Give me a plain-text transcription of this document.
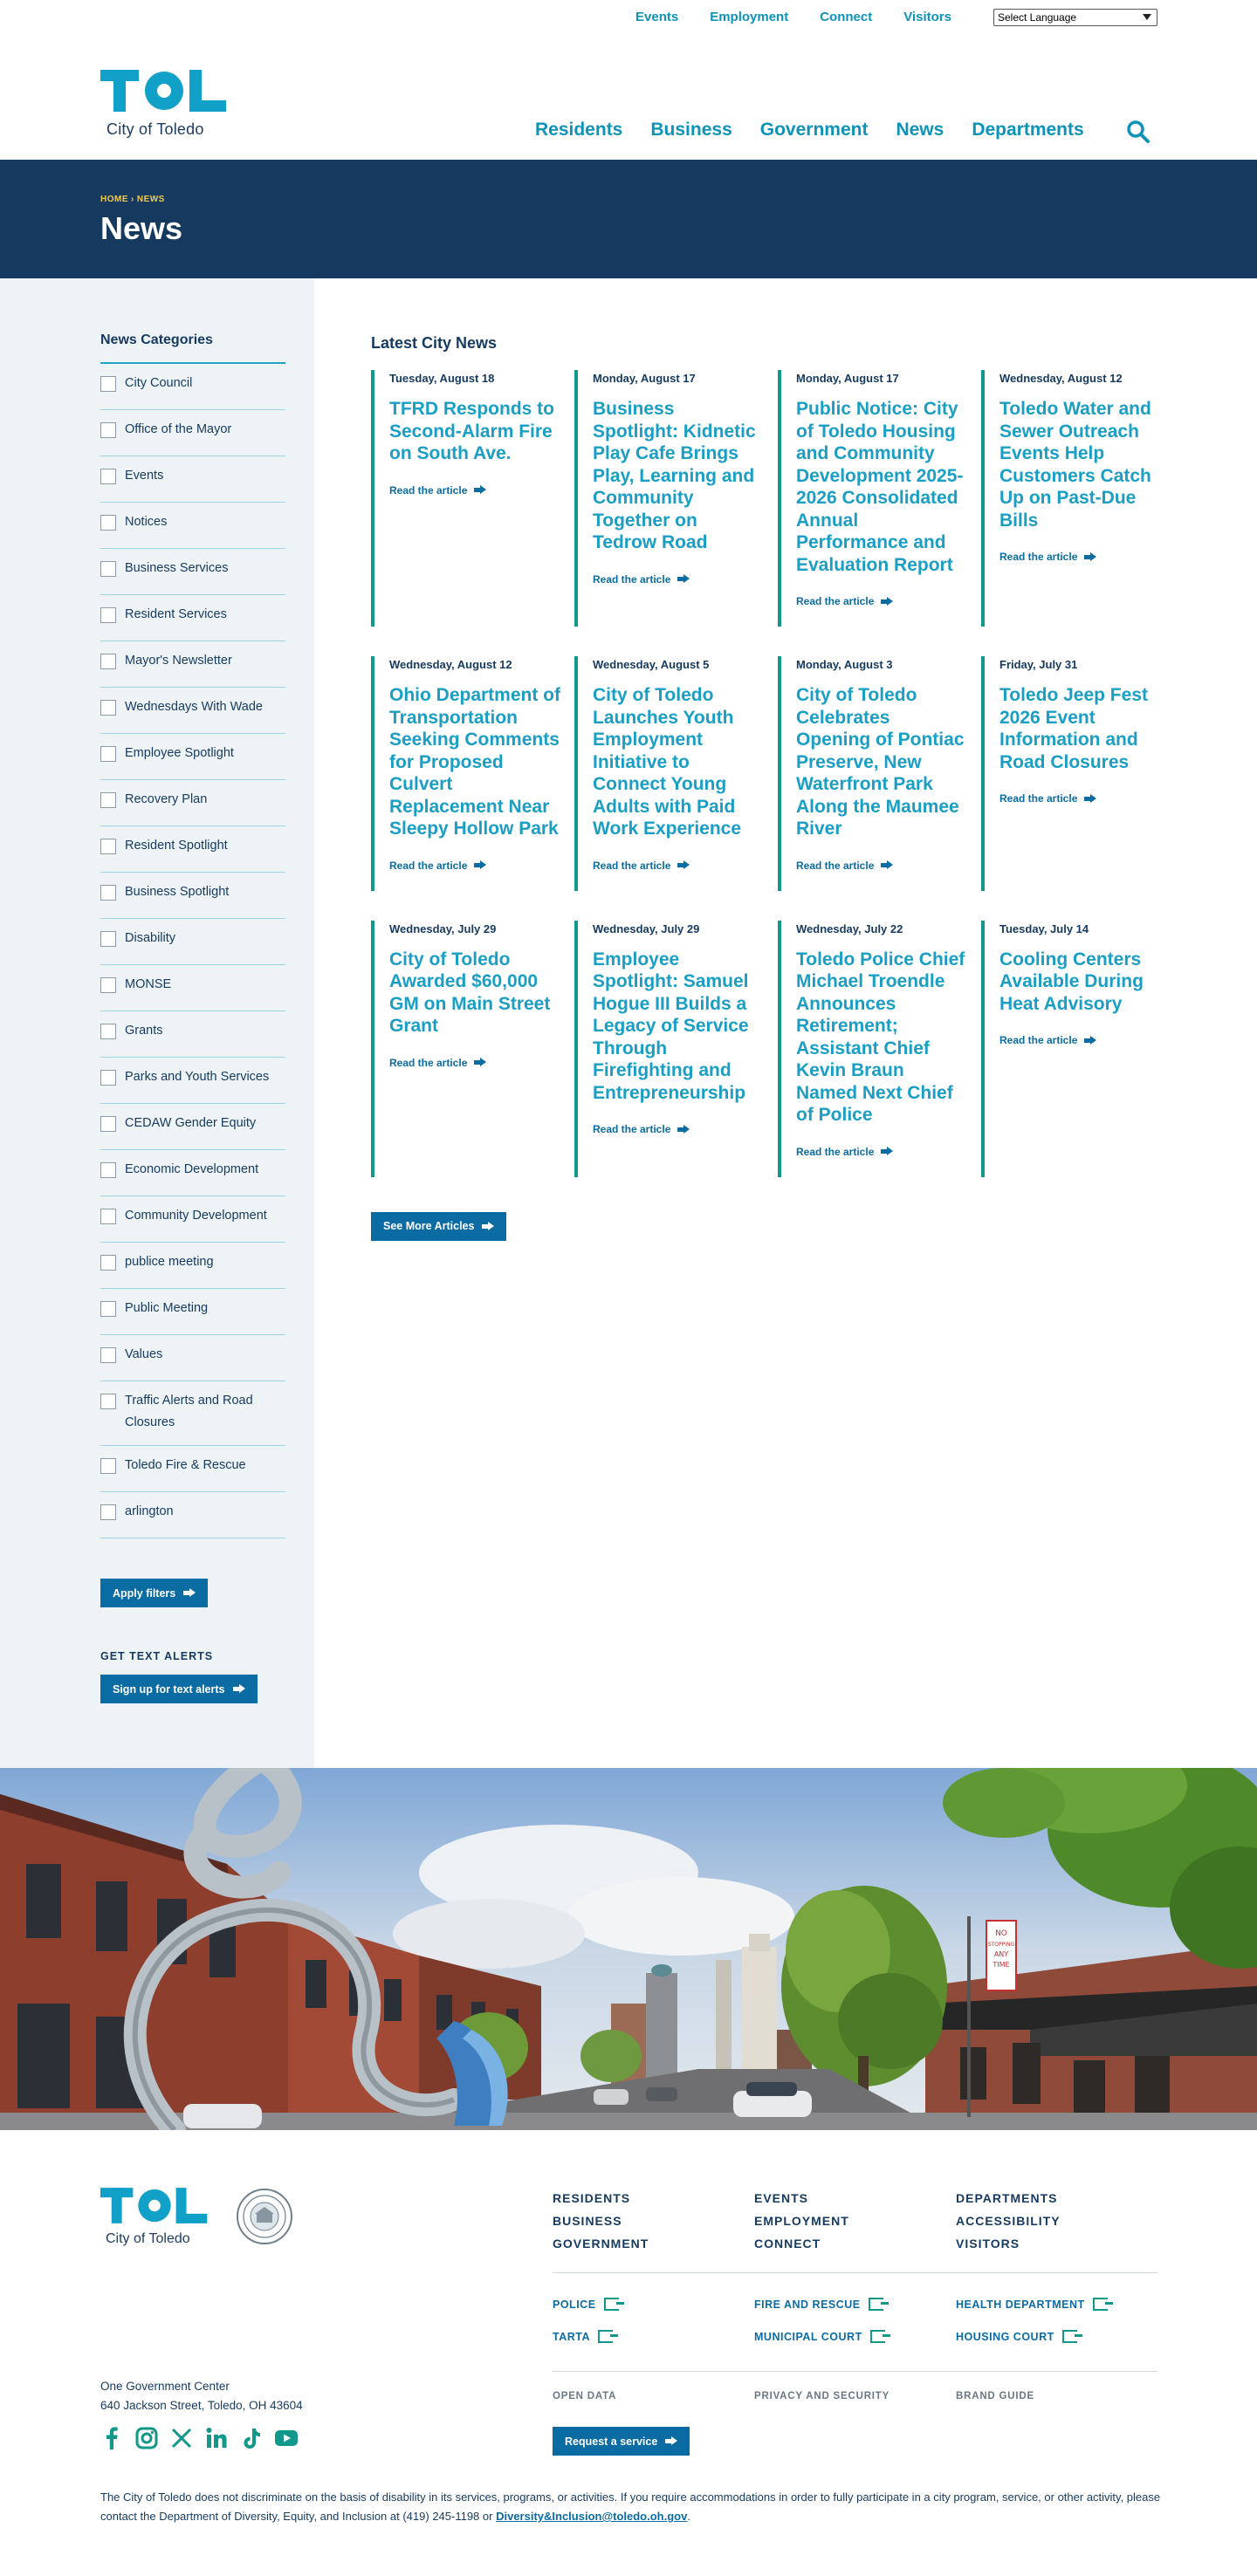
Events Employment Connect Visitors	Select Language
City of Toledo	Residents Business Government News Departments
HOME › NEWS
News
News Categories
City Council
Office of the Mayor
Events
Notices
Business Services
Resident Services
Mayor's Newsletter
Wednesdays With Wade
Employee Spotlight
Recovery Plan
Resident Spotlight
Business Spotlight
Disability
MONSE
Grants
Parks and Youth Services
CEDAW Gender Equity
Economic Development
Community Development
publice meeting
Public Meeting
Values
Traffic Alerts and Road Closures
Toledo Fire & Rescue
arlington
Apply filters
GET TEXT ALERTS
Sign up for text alerts
Latest City News
Tuesday, August 18
TFRD Responds to Second-Alarm Fire on South Ave.
Read the article
Monday, August 17
Business Spotlight: Kidnetic Play Cafe Brings Play, Learning and Community Together on Tedrow Road
Read the article
Monday, August 17
Public Notice: City of Toledo Housing and Community Development 2025-2026 Consolidated Annual Performance and Evaluation Report
Read the article
Wednesday, August 12
Toledo Water and Sewer Outreach Events Help Customers Catch Up on Past-Due Bills
Read the article
Wednesday, August 12
Ohio Department of Transportation Seeking Comments for Proposed Culvert Replacement Near Sleepy Hollow Park
Read the article
Wednesday, August 5
City of Toledo Launches Youth Employment Initiative to Connect Young Adults with Paid Work Experience
Read the article
Monday, August 3
City of Toledo Celebrates Opening of Pontiac Preserve, New Waterfront Park Along the Maumee River
Read the article
Friday, July 31
Toledo Jeep Fest 2026 Event Information and Road Closures
Read the article
Wednesday, July 29
City of Toledo Awarded $60,000 GM on Main Street Grant
Read the article
Wednesday, July 29
Employee Spotlight: Samuel Hogue III Builds a Legacy of Service Through Firefighting and Entrepreneurship
Read the article
Wednesday, July 22
Toledo Police Chief Michael Troendle Announces Retirement; Assistant Chief Kevin Braun Named Next Chief of Police
Read the article
Tuesday, July 14
Cooling Centers Available During Heat Advisory
Read the article
See More Articles
NO
STOPPING
ANY
TIME
City of Toledo
RESIDENTS	EVENTS	DEPARTMENTS
BUSINESS	EMPLOYMENT	ACCESSIBILITY
GOVERNMENT	CONNECT	VISITORS
POLICE	FIRE AND RESCUE	HEALTH DEPARTMENT
TARTA	MUNICIPAL COURT	HOUSING COURT
OPEN DATA	PRIVACY AND SECURITY	BRAND GUIDE
One Government Center
640 Jackson Street, Toledo, OH 43604
Request a service
The City of Toledo does not discriminate on the basis of disability in its services, programs, or activities. If you require accommodations in order to fully participate in a city program, service, or other activity, please contact the Department of Diversity, Equity, and Inclusion at (419) 245-1198 or Diversity&Inclusion@toledo.oh.gov.
